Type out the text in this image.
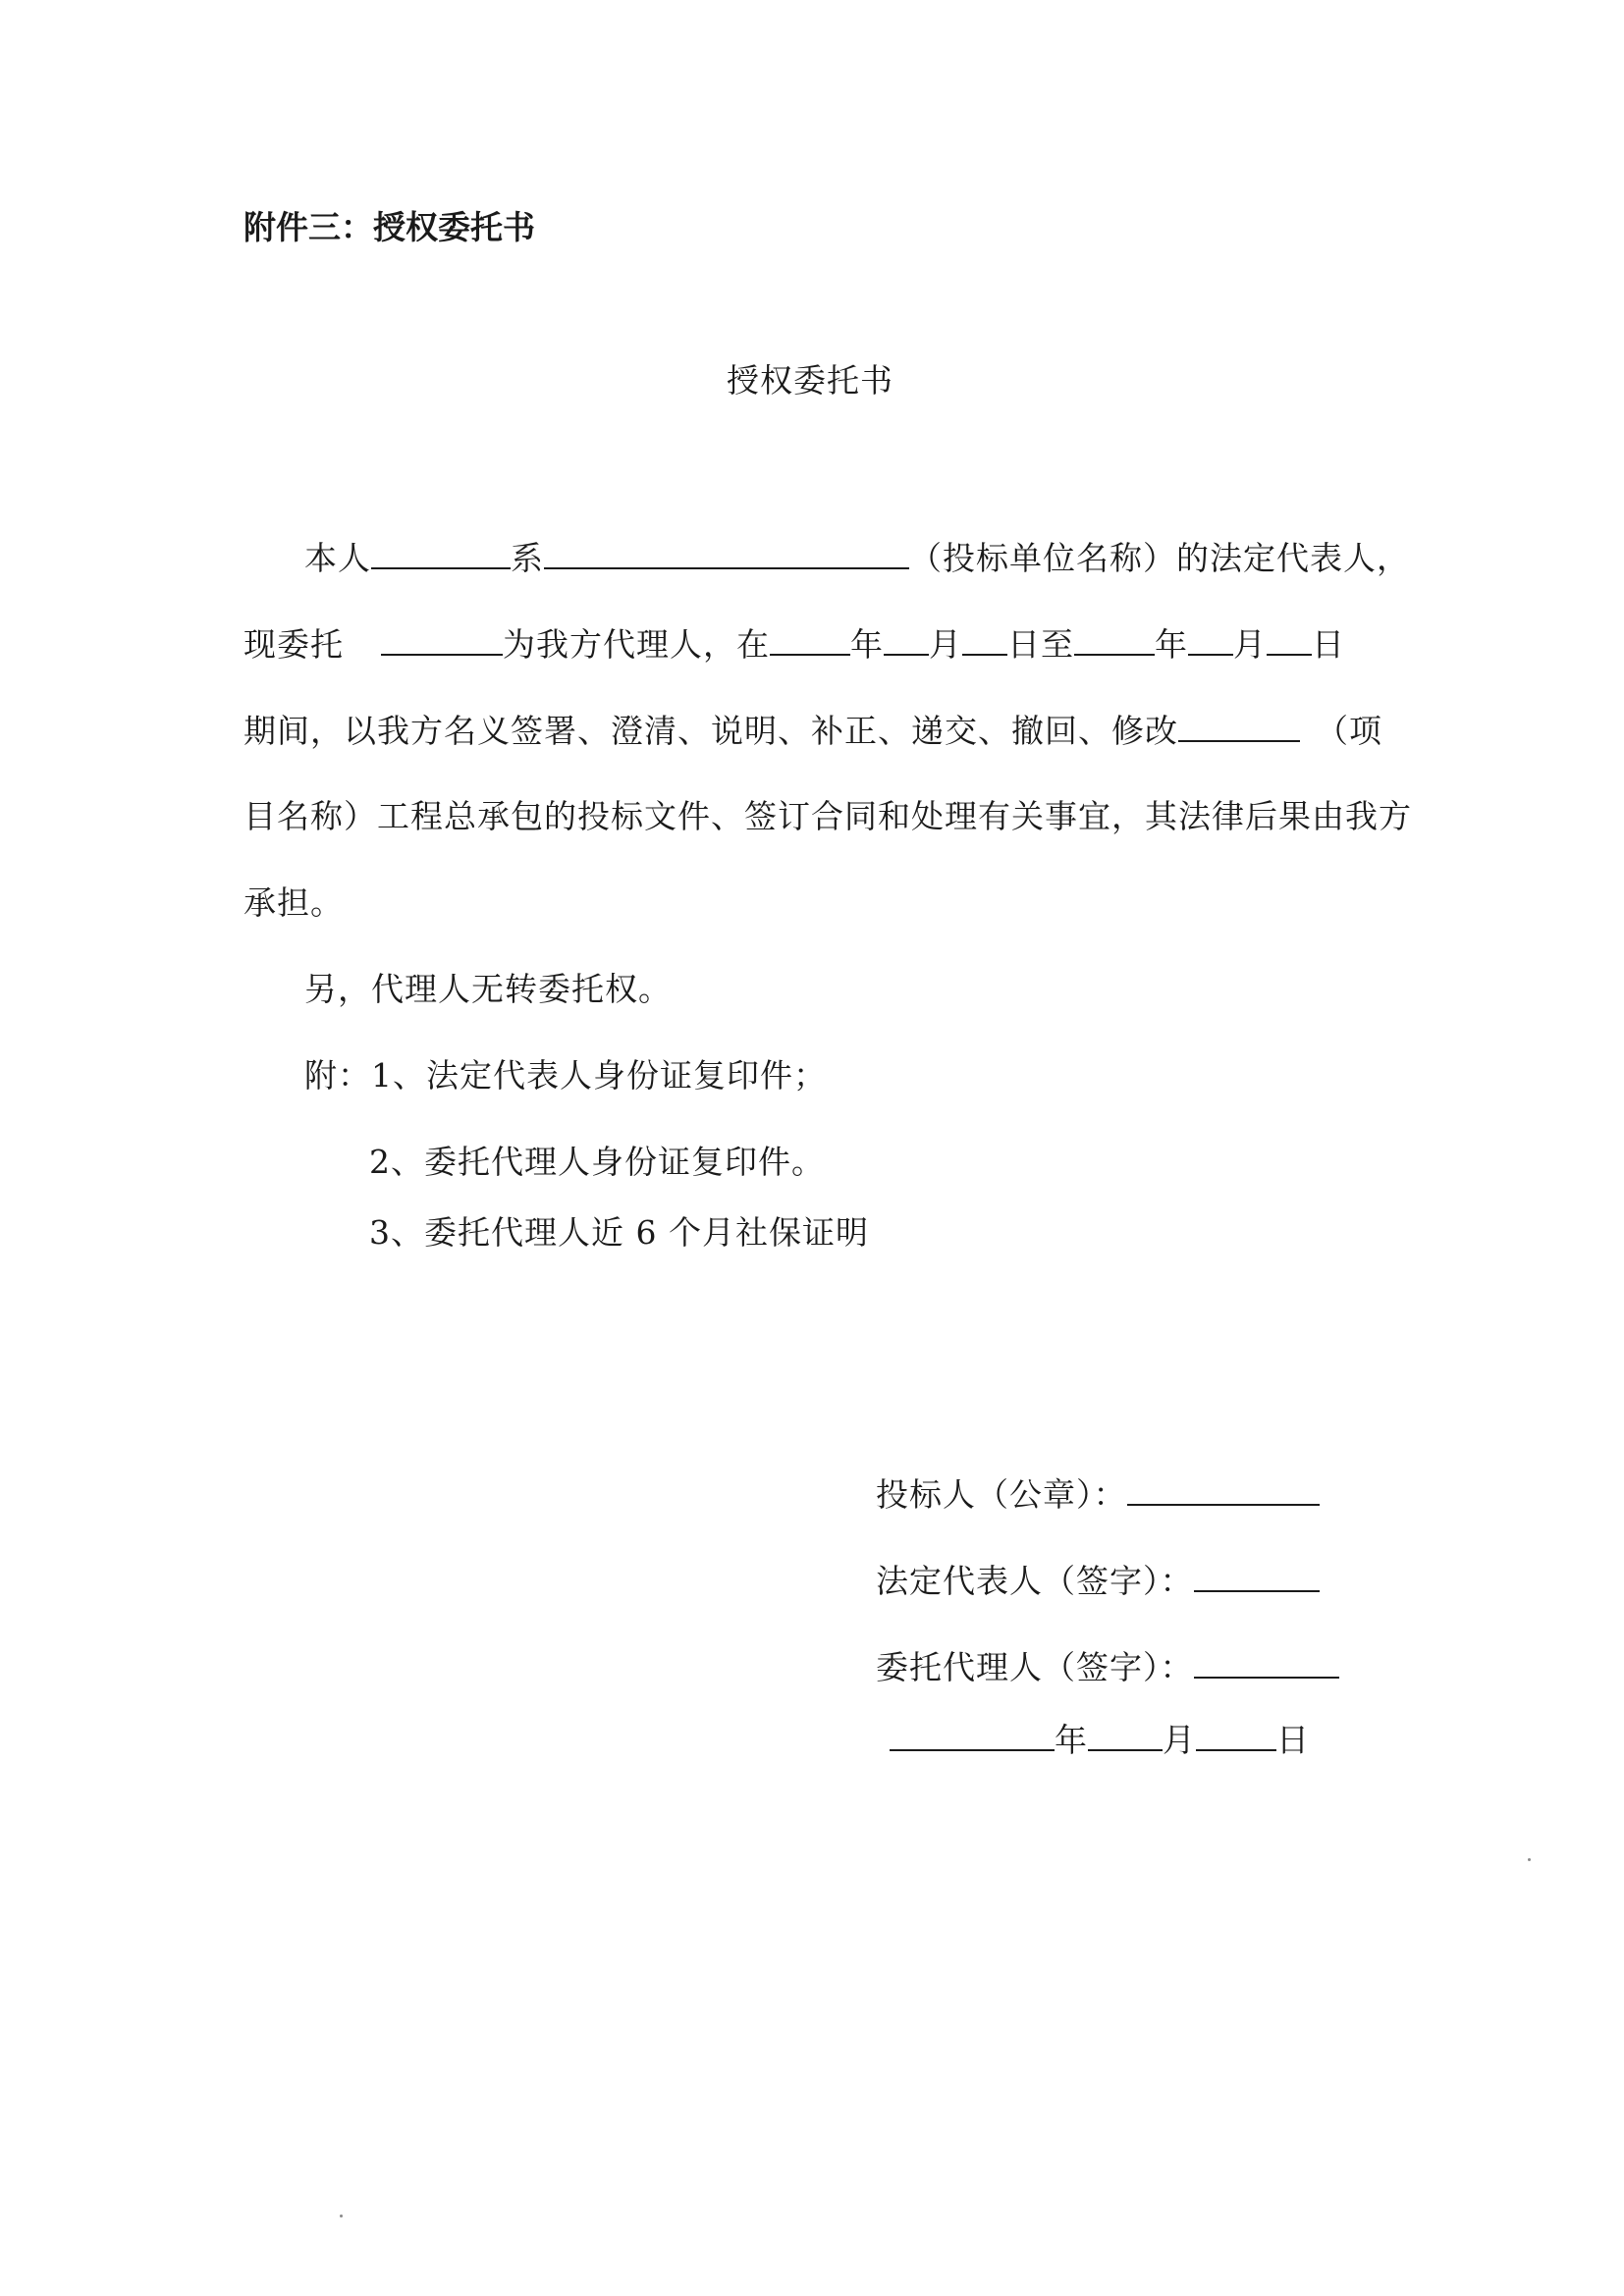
附件三：授权委托书
授权委托书
本人	系	（投标单位名称）的法定代表人，
现委托	为我方代理人，在 年 月 日至 年 月 日
期间，以我方名义签署、澄清、说明、补正、递交、撤回、修改	（项
目名称）工程总承包的投标文件、签订合同和处理有关事宜，其法律后果由我方
承担。
另，代理人无转委托权。
附：1、法定代表人身份证复印件；
2、委托代理人身份证复印件。
3、委托代理人近 6 个月社保证明
投标人（公章）：
法定代表人（签字）：
委托代理人（签字）：
年 月 日
